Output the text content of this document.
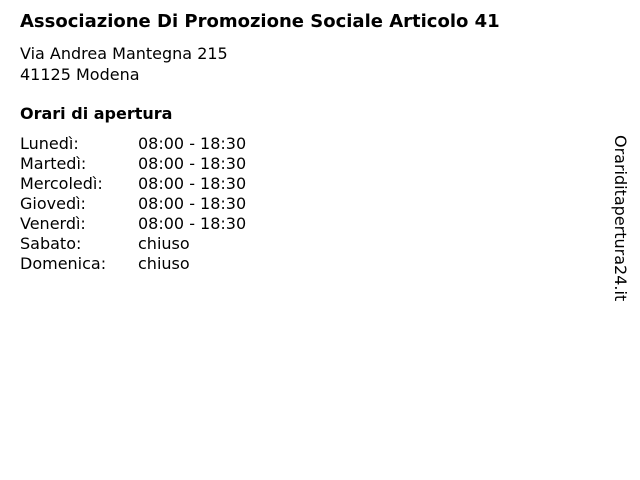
Associazione Di Promozione Sociale Articolo 41
Via Andrea Mantegna 215
41125 Modena
Orari di apertura
Lunedì:	08:00 - 18:30
Martedì:	08:00 - 18:30
Mercoledì:	08:00 - 18:30
Giovedì:	08:00 - 18:30
Venerdì:	08:00 - 18:30
Sabato:	chiuso
Domenica:	chiuso	Orariditapertura24.it
